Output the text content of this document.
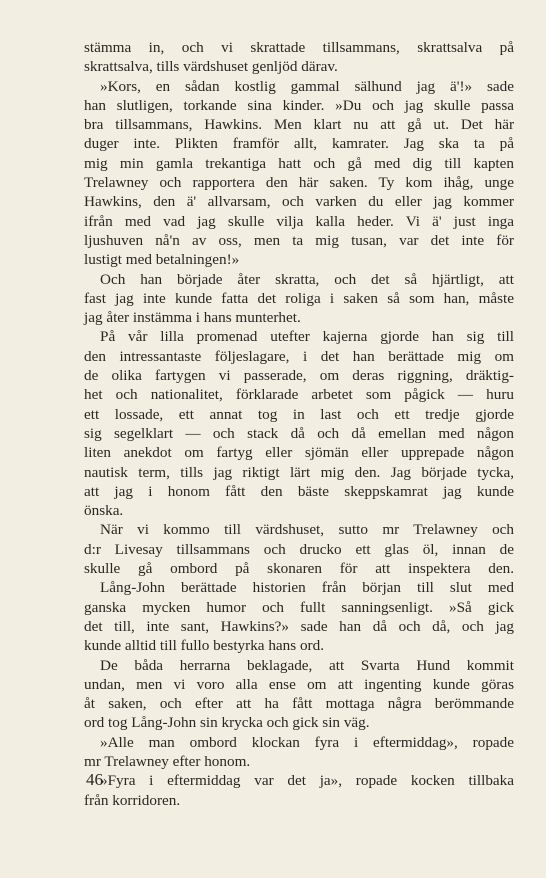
stämma in, och vi skrattade tillsammans, skrattsalva på
skrattsalva, tills värdshuset genljöd därav.
»Kors, en sådan kostlig gammal sälhund jag ä'!» sade
han slutligen, torkande sina kinder. »Du och jag skulle passa
bra tillsammans, Hawkins. Men klart nu att gå ut. Det här
duger inte. Plikten framför allt, kamrater. Jag ska ta på
mig min gamla trekantiga hatt och gå med dig till kapten
Trelawney och rapportera den här saken. Ty kom ihåg, unge
Hawkins, den ä' allvarsam, och varken du eller jag kommer
ifrån med vad jag skulle vilja kalla heder. Vi ä' just inga
ljushuven nå'n av oss, men ta mig tusan, var det inte för
lustigt med betalningen!»
Och han började åter skratta, och det så hjärtligt, att
fast jag inte kunde fatta det roliga i saken så som han, måste
jag åter instämma i hans munterhet.
På vår lilla promenad utefter kajerna gjorde han sig till
den intressantaste följeslagare, i det han berättade mig om
de olika fartygen vi passerade, om deras riggning, dräktig-
het och nationalitet, förklarade arbetet som pågick — huru
ett lossade, ett annat tog in last och ett tredje gjorde
sig segelklart — och stack då och då emellan med någon
liten anekdot om fartyg eller sjömän eller upprepade någon
nautisk term, tills jag riktigt lärt mig den. Jag började tycka,
att jag i honom fått den bäste skeppskamrat jag kunde
önska.
När vi kommo till värdshuset, sutto mr Trelawney och
d:r Livesay tillsammans och drucko ett glas öl, innan de
skulle gå ombord på skonaren för att inspektera den.
Lång-John berättade historien från början till slut med
ganska mycken humor och fullt sanningsenligt. »Så gick
det till, inte sant, Hawkins?» sade han då och då, och jag
kunde alltid till fullo bestyrka hans ord.
De båda herrarna beklagade, att Svarta Hund kommit
undan, men vi voro alla ense om att ingenting kunde göras
åt saken, och efter att ha fått mottaga några berömmande
ord tog Lång-John sin krycka och gick sin väg.
»Alle man ombord klockan fyra i eftermiddag», ropade
mr Trelawney efter honom.
»Fyra i eftermiddag var det ja», ropade kocken tillbaka
från korridoren.
46
